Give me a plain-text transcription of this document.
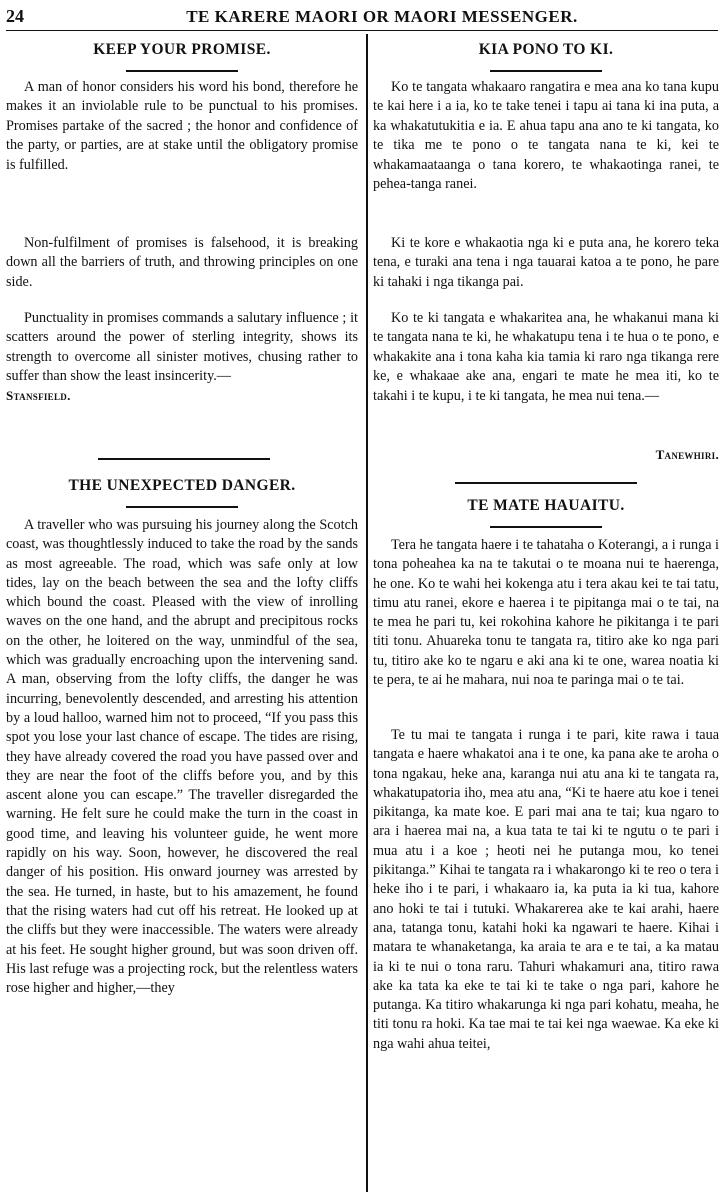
24	TE KARERE MAORI OR MAORI MESSENGER.
KEEP YOUR PROMISE.

A man of honor considers his word his bond, therefore he makes it an inviolable rule to be punctual to his promises. Promises partake of the sacred ; the honor and confidence of the party, or parties, are at stake until the obligatory promise is fulfilled.

Non-fulfilment of promises is falsehood, it is breaking down all the barriers of truth, and throwing principles on one side.

Punctuality in promises commands a salutary influence ; it scatters around the power of sterling integrity, shows its strength to overcome all sinister motives, chusing rather to suffer than show the least insincerity.—

Stansfield.
THE UNEXPECTED DANGER.

A traveller who was pursuing his journey along the Scotch coast, was thoughtlessly induced to take the road by the sands as most agreeable. The road, which was safe only at low tides, lay on the beach between the sea and the lofty cliffs which bound the coast. Pleased with the view of inrolling waves on the one hand, and the abrupt and precipitous rocks on the other, he loitered on the way, unmindful of the sea, which was gradually encroaching upon the intervening sand. A man, observing from the lofty cliffs, the danger he was incurring, benevolently descended, and arresting his attention by a loud halloo, warned him not to proceed, “If you pass this spot you lose your last chance of escape. The tides are rising, they have already covered the road you have passed over and they are near the foot of the cliffs before you, and by this ascent alone you can escape.” The traveller disregarded the warning. He felt sure he could make the turn in the coast in good time, and leaving his volunteer guide, he went more rapidly on his way. Soon, however, he discovered the real danger of his position. His onward journey was arrested by the sea. He turned, in haste, but to his amazement, he found that the rising waters had cut off his retreat. He looked up at the cliffs but they were inaccessible. The waters were already at his feet. He sought higher ground, but was soon driven off. His last refuge was a projecting rock, but the relentless waters rose higher and higher,—they

KIA PONO TO KI.

Ko te tangata whakaaro rangatira e mea ana ko tana kupu te kai here i a ia, ko te take tenei i tapu ai tana ki ina puta, a ka whakatutukitia e ia. E ahua tapu ana ano te ki tangata, ko te tika me te pono o te tangata nana te ki, kei te whakamaataanga o tana korero, te whakaotinga ranei, te pehea-tanga ranei.

Ki te kore e whakaotia nga ki e puta ana, he korero teka tena, e turaki ana tena i nga tauarai katoa a te pono, he pare ki tahaki i nga tikanga pai.

Ko te ki tangata e whakaritea ana, he whakanui mana ki te tangata nana te ki, he whakatupu tena i te hua o te pono, e whakakite ana i tona kaha kia tamia ki raro nga tikanga rere ke, e whakaae ake ana, engari te mate he mea iti, ko te takahi i te kupu, i te ki tangata, he mea nui tena.—

Tanewhiri.
TE MATE HAUAITU.

Tera he tangata haere i te tahataha o Koterangi, a i runga i tona poheahea ka na te takutai o te moana nui te haerenga, he one. Ko te wahi hei kokenga atu i tera akau kei te tai tatu, timu atu ranei, ekore e haerea i te pipitanga mai o te tai, na te mea he pari tu, kei rokohina kahore he pikitanga i te pari titi tonu. Ahuareka tonu te tangata ra, titiro ake ko nga pari tu, titiro ake ko te ngaru e aki ana ki te one, warea noatia ki te pera, te ai he mahara, nui noa te paringa mai o te tai.

Te tu mai te tangata i runga i te pari, kite rawa i taua tangata e haere whakatoi ana i te one, ka pana ake te aroha o tona ngakau, heke ana, karanga nui atu ana ki te tangata ra, whakatupatoria iho, mea atu ana, “Ki te haere atu koe i tenei pikitanga, ka mate koe. E pari mai ana te tai; kua ngaro to ara i haerea mai na, a kua tata te tai ki te ngutu o te pari i mua atu i a koe ; heoti nei he putanga mou, ko tenei pikitanga.” Kihai te tangata ra i whakarongo ki te reo o tera i heke iho i te pari, i whakaaro ia, ka puta ia ki tua, kahore ano hoki te tai i tutuki. Whakarerea ake te kai arahi, haere ana, tatanga tonu, katahi hoki ka ngawari te haere. Kihai i matara te whanaketanga, ka araia te ara e te tai, a ka matau ia ki te nui o tona raru. Tahuri whakamuri ana, titiro rawa ake ka tata ka eke te tai ki te take o nga pari, kahore he putanga. Ka titiro whakarunga ki nga pari kohatu, meaha, he titi tonu ra hoki. Ka tae mai te tai kei nga waewae. Ka eke ki nga wahi ahua teitei,
